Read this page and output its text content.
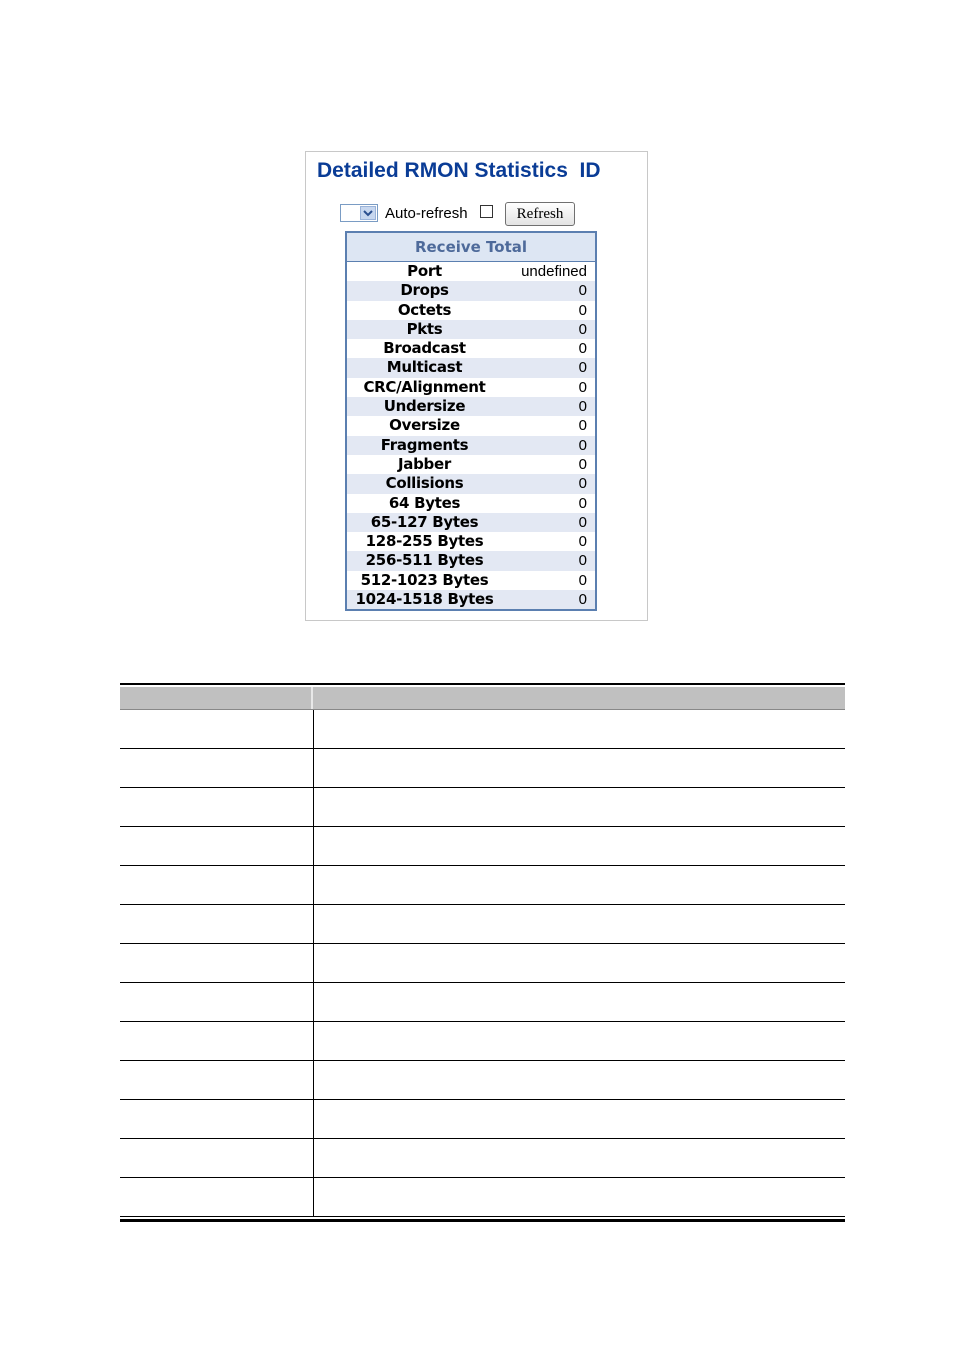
Detailed RMON Statistics  ID
Auto-refresh	Refresh
Receive Total
Port	undefined
Drops	0
Octets	0
Pkts	0
Broadcast	0
Multicast	0
CRC/Alignment	0
Undersize	0
Oversize	0
Fragments	0
Jabber	0
Collisions	0
64 Bytes	0
65-127 Bytes	0
128-255 Bytes	0
256-511 Bytes	0
512-1023 Bytes	0
1024-1518 Bytes	0
